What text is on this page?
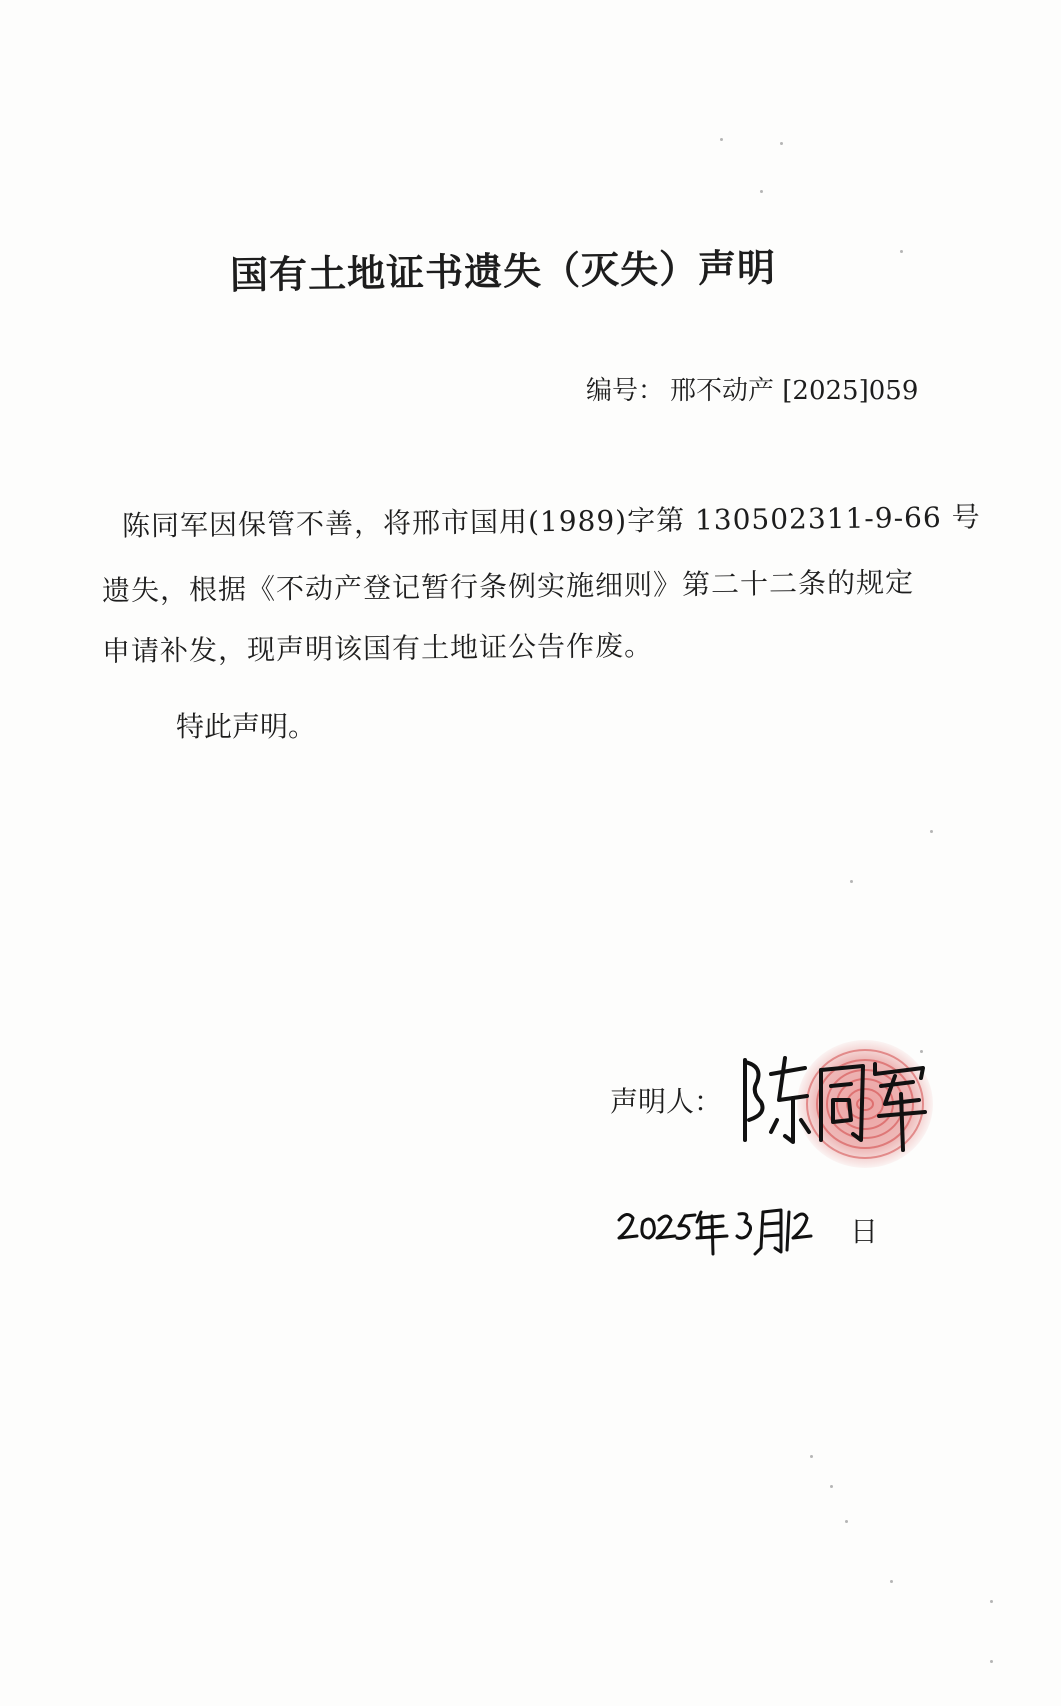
国有土地证书遗失（灭失）声明
编号： 邢不动产 [2025]059
陈同军因保管不善，将邢市国用(1989)字第 130502311-9-66 号
遗失，根据《不动产登记暂行条例实施细则》第二十二条的规定
申请补发，现声明该国有土地证公告作废。
特此声明。
声明人：
日
